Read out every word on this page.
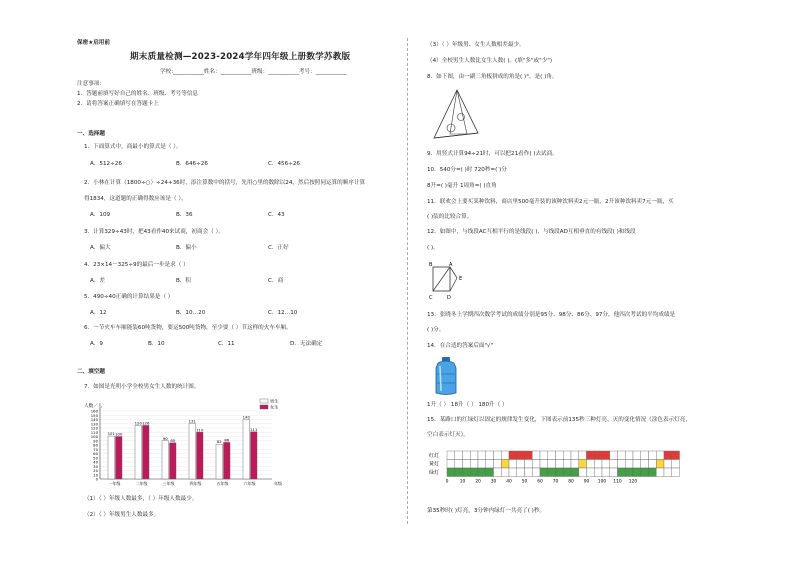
保密★启用前
期末质量检测—2023-2024学年四年级上册数学苏教版
学校:___________姓名：___________班级：___________考号：___________
注意事项：
1．答题前填写好自己的姓名、班级、考号等信息
2．请将答案正确填写在答题卡上
一、选择题
1．下面算式中，商最小的算式是（ ）。
A．512÷26	B．646÷26	C．456÷26
2．小林在计算（1800÷○）÷24+36时，添注算数中的括号，先用○里的数除以24，然后按照同运算的顺序计算
得1834，这道题的正确得数应该是（ ）。
A．109	B．36	C．43
3．计算329÷43时，把43看作40来试商，初商会（ ）。
A．偏大	B．偏小	C．正好
4．23×14－325÷9的最后一步是求（ ）
A．差	B．积	C．商
5．490÷40正确的计算结果是（ ）
A．12	B．10…20	C．12…10
6．一节火车车厢能装60吨货物，要运500吨货物，至少要（ ）节这样的火车车厢。
A．9	B．10	C．11	D．无法确定
二、填空题
7．如图是光明小学全校男女生人数的统计图。
人数／人
0
10
20
30
40
50
60
70
80
90
100
110
120
130
140
150
160
101 100
一年级
120 126
二年级
90 85
三年级
131
110
四年级
82 86
五年级
140
111
六年级	年级
男生
女生
（1）（ ）年级人数最多，（ ）年级人数最少。
（2）（ ）年级男生人数最多。
（3）（ ）年级男、女生人数相差最少。
（4）全校男生人数比女生人数( )。(填"多"或"少")
8．如下图，由一副三角板拼成的角是( )°，是( )角。
9．用竖式计算94÷21时，可以把21看作( )去试商。
10．540分=( )时 720秒=( )分
8升=( )毫升 1周角=( )直角
11．联欢会上要买某种饮料，商店里500毫升装的该种饮料卖2元一瓶，2升该种饮料卖7元一瓶，买
( )装的比较合算。
12．如图中，与线段AC互相平行的是线段( )，与线段AD互相垂直的有线段( )和线段
( )。
B	A
E
C	D
13．张晓冬上学期四次数学考试的成绩分别是95分、98分、86分、97分，他四次考试的平均成绩是
( )分。
14．在合适的答案后面"√"
1升（ ） 18升（ ） 180升（ ）
15．某路口的红绿灯以固定的规律发生变化，下图表示前135秒三种灯亮、灭的变化情况（涂色表示灯亮，
空白表示灯灭）。
红灯
黄灯
绿灯
0	10 20 30 40 50 60 70 80 90 100 110 120
第35秒时( )灯亮，3分钟内绿灯一共亮了( )秒。
